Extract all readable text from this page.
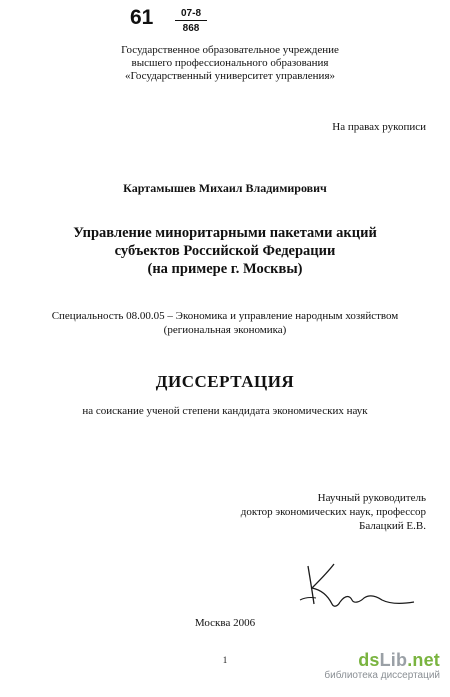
$61 \frac{07-8}{868}$
Государственное образовательное учреждение
высшего профессионального образования
«Государственный университет управления»
На правах рукописи
Картамышев Михаил Владимирович
Управление миноритарными пакетами акций
субъектов Российской Федерации
(на примере г. Москвы)
Специальность 08.00.05 – Экономика и управление народным хозяйством
(региональная экономика)
ДИССЕРТАЦИЯ
на соискание ученой степени кандидата экономических наук
Научный руководитель
доктор экономических наук, профессор
Балацкий Е.В.
Москва 2006
1	dsLib.net
библиотека диссертаций
